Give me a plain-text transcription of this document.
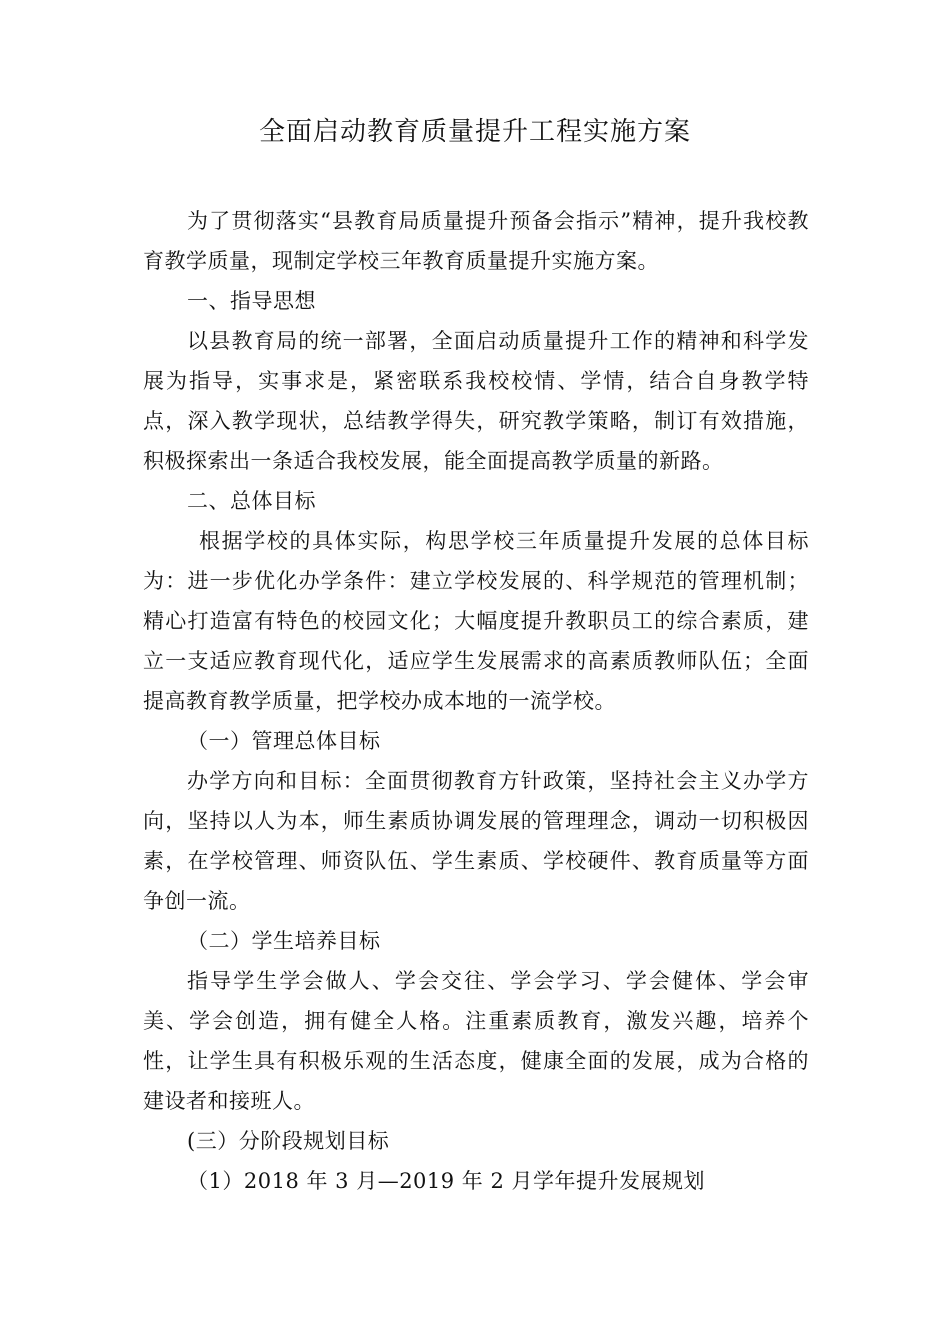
全面启动教育质量提升工程实施方案

为了贯彻落实“县教育局质量提升预备会指示”精神，提升我校教育教学质量，现制定学校三年教育质量提升实施方案。

一、指导思想

以县教育局的统一部署，全面启动质量提升工作的精神和科学发展为指导，实事求是，紧密联系我校校情、学情，结合自身教学特点，深入教学现状，总结教学得失，研究教学策略，制订有效措施，积极探索出一条适合我校发展，能全面提高教学质量的新路。

二、总体目标

根据学校的具体实际，构思学校三年质量提升发展的总体目标为：进一步优化办学条件：建立学校发展的、科学规范的管理机制；精心打造富有特色的校园文化；大幅度提升教职员工的综合素质，建立一支适应教育现代化，适应学生发展需求的高素质教师队伍；全面提高教育教学质量，把学校办成本地的一流学校。

（一）管理总体目标

办学方向和目标：全面贯彻教育方针政策，坚持社会主义办学方向，坚持以人为本，师生素质协调发展的管理理念，调动一切积极因素，在学校管理、师资队伍、学生素质、学校硬件、教育质量等方面争创一流。

（二）学生培养目标

指导学生学会做人、学会交往、学会学习、学会健体、学会审美、学会创造，拥有健全人格。注重素质教育，激发兴趣，培养个性，让学生具有积极乐观的生活态度，健康全面的发展，成为合格的建设者和接班人。

(三）分阶段规划目标

（1）2018 年 3 月—2019 年 2 月学年提升发展规划
